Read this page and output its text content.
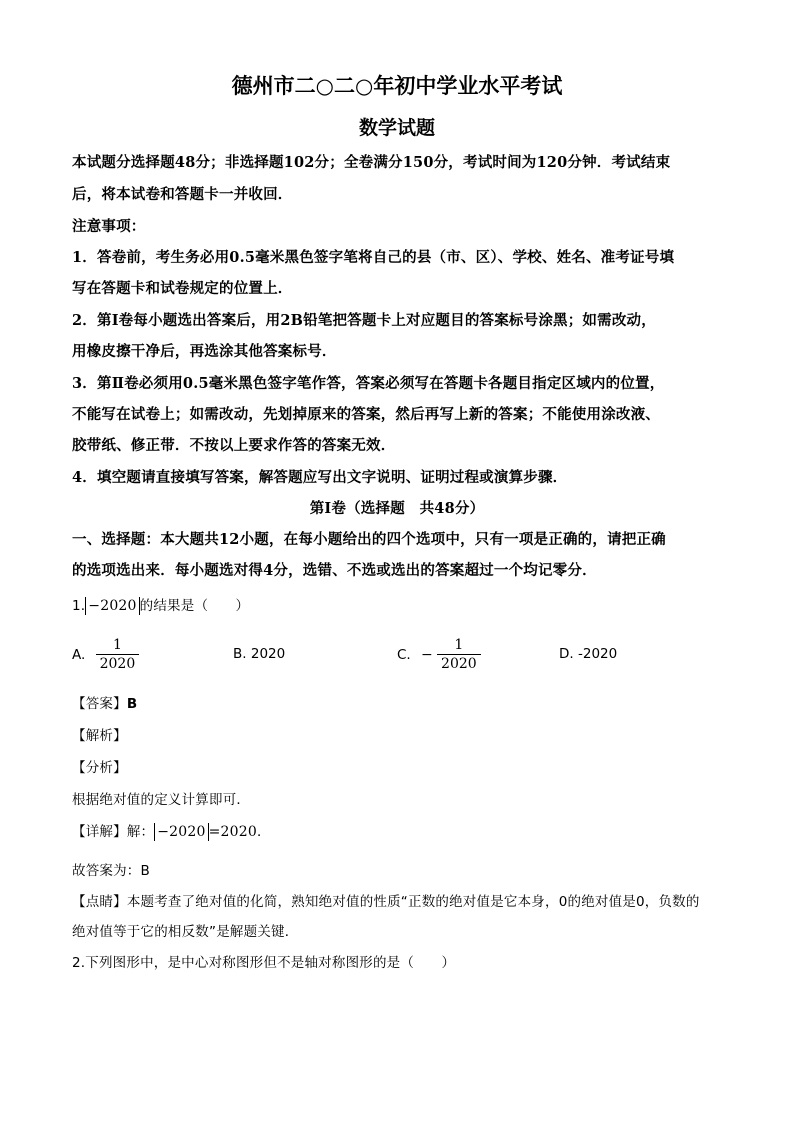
德州市二○二○年初中学业水平考试
数学试题
本试题分选择题48分；非选择题102分；全卷满分150分，考试时间为120分钟．考试结束
后，将本试卷和答题卡一并收回．
注意事项：
1．答卷前，考生务必用0.5毫米黑色签字笔将自己的县（市、区）、学校、姓名、准考证号填
写在答题卡和试卷规定的位置上．
2．第Ⅰ卷每小题选出答案后，用2B铅笔把答题卡上对应题目的答案标号涂黑；如需改动，
用橡皮擦干净后，再选涂其他答案标号．
3．第Ⅱ卷必须用0.5毫米黑色签字笔作答，答案必须写在答题卡各题目指定区域内的位置，
不能写在试卷上；如需改动，先划掉原来的答案，然后再写上新的答案；不能使用涂改液、
胶带纸、修正带．不按以上要求作答的答案无效．
4．填空题请直接填写答案，解答题应写出文字说明、证明过程或演算步骤．
第Ⅰ卷（选择题　共48分）
一、选择题：本大题共12小题，在每小题给出的四个选项中，只有一项是正确的，请把正确
的选项选出来．每小题选对得4分，选错、不选或选出的答案超过一个均记零分．
1. −2020 的结果是（　　）
A. $\frac{1}{2020}$	B. 2020	C. − $\frac{1}{2020}$	D. -2020
【答案】B
【解析】
【分析】
根据绝对值的定义计算即可．
【详解】解： −2020 =2020．
故答案为：B
【点睛】本题考查了绝对值的化简，熟知绝对值的性质“正数的绝对值是它本身，0的绝对值是0，负数的
绝对值等于它的相反数”是解题关键．
2.下列图形中，是中心对称图形但不是轴对称图形的是（　　）
